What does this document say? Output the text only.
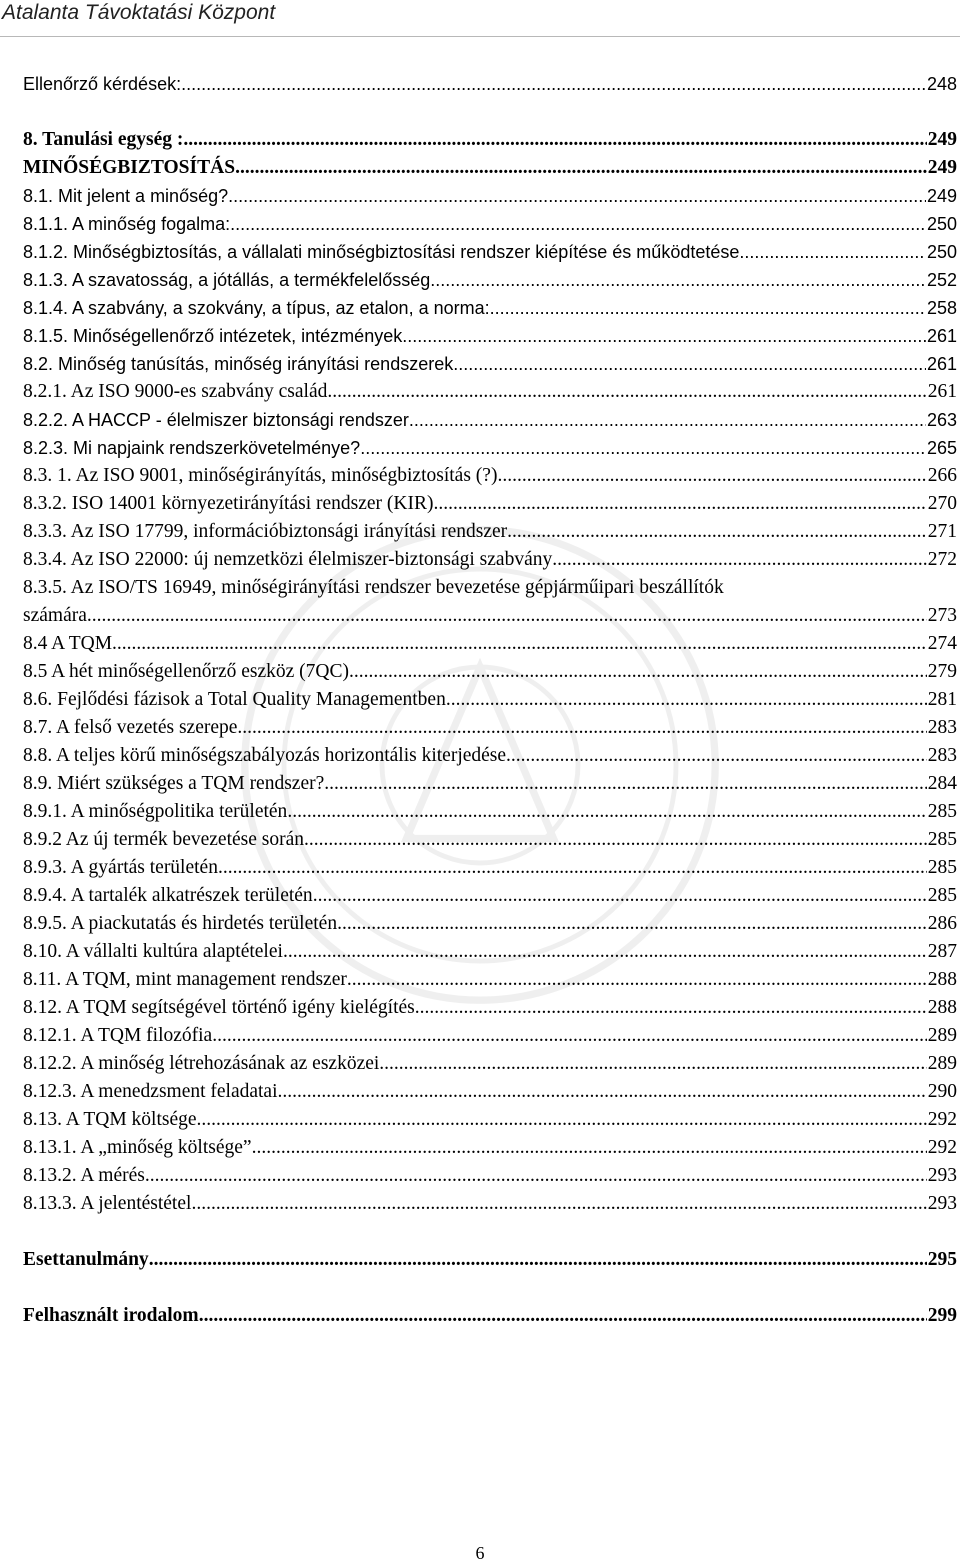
Atalanta Távoktatási Központ
Ellenőrző kérdések: .....	248
8. Tanulási egység : .....	249
MINŐSÉGBIZTOSÍTÁS .....	249
8.1. Mit jelent a minőség? .....	249
8.1.1. A minőség fogalma: .....	250
8.1.2. Minőségbiztosítás, a vállalati minőségbiztosítási rendszer kiépítése és működtetése .....	250
8.1.3. A szavatosság, a jótállás, a termékfelelősség .....	252
8.1.4. A szabvány, a szokvány, a típus, az etalon, a norma: .....	258
8.1.5. Minőségellenőrző intézetek, intézmények .....	261
8.2. Minőség tanúsítás, minőség irányítási rendszerek .....	261
8.2.1. Az ISO 9000-es szabvány család .....	261
8.2.2. A HACCP - élelmiszer biztonsági rendszer .....	263
8.2.3. Mi napjaink rendszerkövetelménye? .....	265
8.3. 1. Az ISO 9001, minőségirányítás, minőségbiztosítás (?) .....	266
8.3.2. ISO 14001 környezetirányítási rendszer (KIR) .....	270
8.3.3. Az ISO 17799, információbiztonsági irányítási rendszer .....	271
8.3.4. Az ISO 22000: új nemzetközi élelmiszer-biztonsági szabvány .....	272
8.3.5. Az ISO/TS 16949, minőségirányítási rendszer bevezetése gépjárműipari beszállítók
számára .....	273
8.4 A TQM .....	274
8.5 A hét minőségellenőrző eszköz (7QC) .....	279
8.6. Fejlődési fázisok a Total Quality Managementben .....	281
8.7. A felső vezetés szerepe .....	283
8.8. A teljes körű minőségszabályozás horizontális kiterjedése .....	283
8.9. Miért szükséges a TQM rendszer? .....	284
8.9.1. A minőségpolitika területén .....	285
8.9.2 Az új termék bevezetése során .....	285
8.9.3. A gyártás területén .....	285
8.9.4. A tartalék alkatrészek területén .....	285
8.9.5. A piackutatás és hirdetés területén .....	286
8.10. A vállalti kultúra alaptételei .....	287
8.11. A TQM, mint management rendszer .....	288
8.12. A TQM segítségével történő igény kielégítés .....	288
8.12.1. A TQM filozófia .....	289
8.12.2. A minőség létrehozásának az eszközei .....	289
8.12.3. A menedzsment feladatai .....	290
8.13. A TQM költsége .....	292
8.13.1. A „minőség költsége” .....	292
8.13.2. A mérés .....	293
8.13.3. A jelentéstétel .....	293
Esettanulmány .....	295
Felhasznált irodalom .....	299
6
